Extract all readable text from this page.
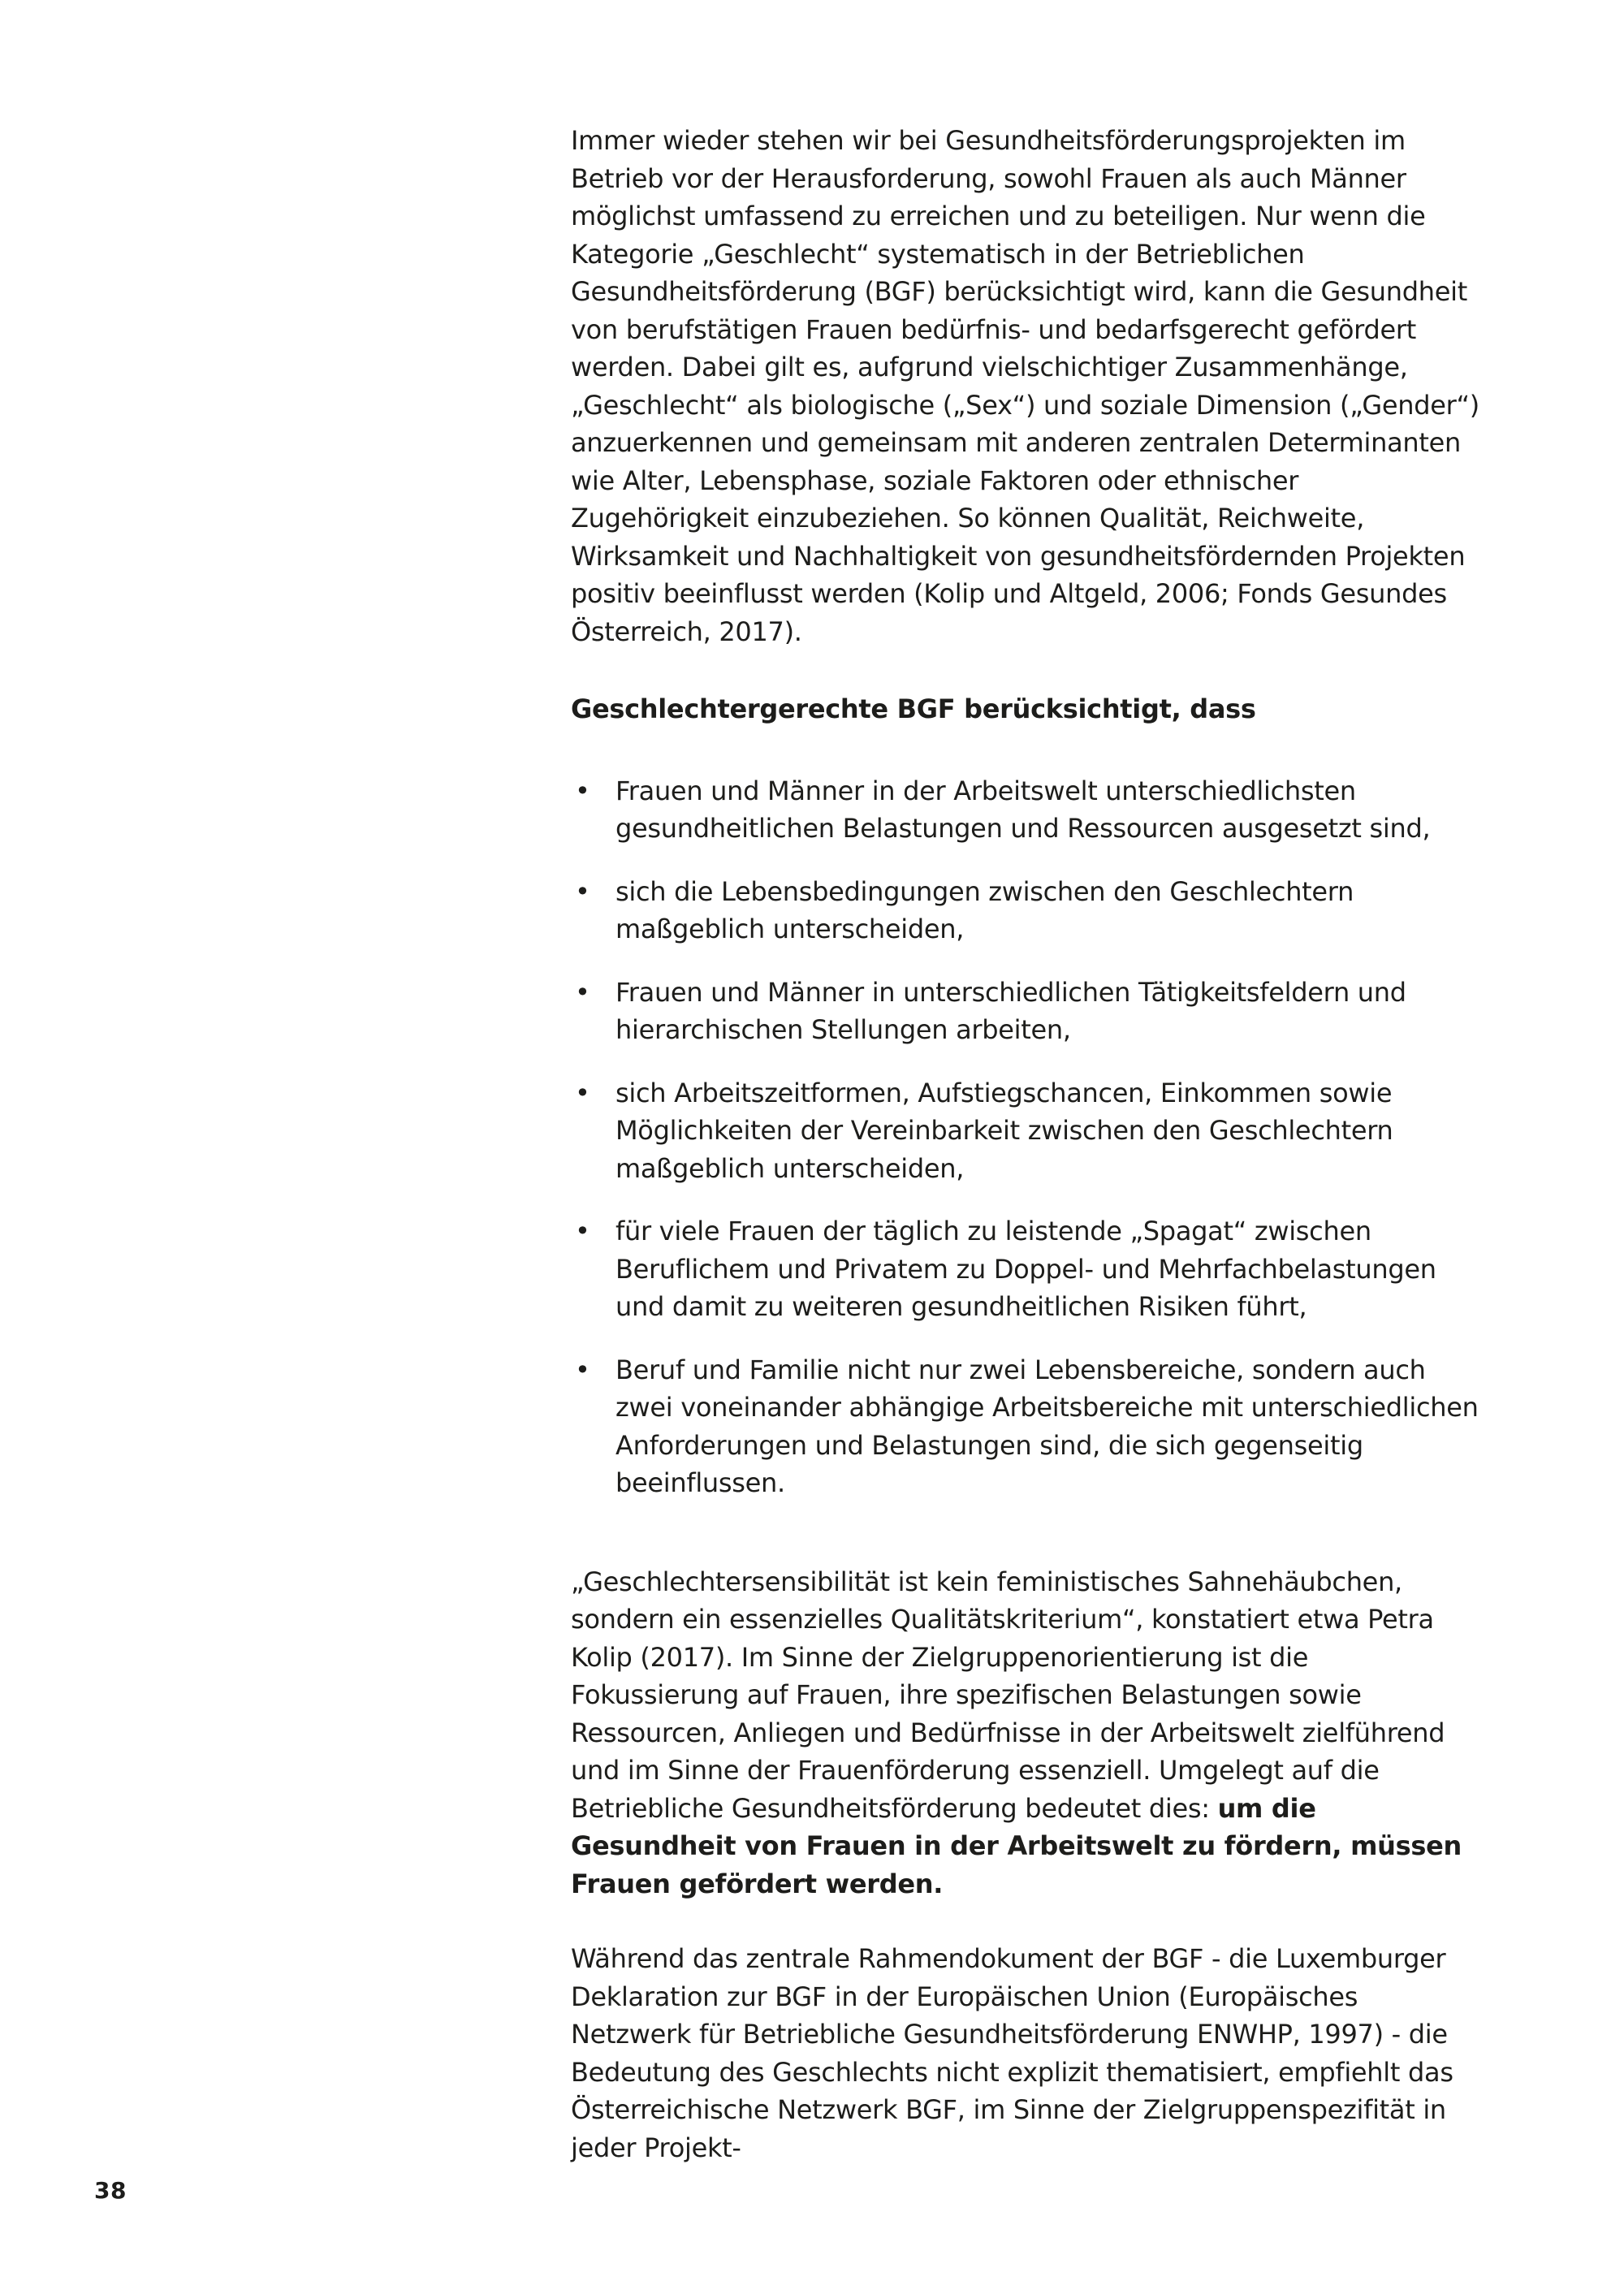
Immer wieder stehen wir bei Gesundheitsförderungsprojekten im Betrieb vor der Herausforderung, sowohl Frauen als auch Männer möglichst umfassend zu erreichen und zu beteiligen. Nur wenn die Kategorie „Geschlecht“ systematisch in der Betrieblichen Gesundheitsförderung (BGF) berücksichtigt wird, kann die Gesundheit von berufstätigen Frauen bedürfnis- und bedarfsgerecht gefördert werden. Dabei gilt es, aufgrund vielschichtiger Zusammenhänge, „Geschlecht“ als biologische („Sex“) und soziale Dimension („Gender“) anzuerkennen und gemeinsam mit anderen zentralen Determinanten wie Alter, Lebensphase, soziale Faktoren oder ethnischer Zugehörigkeit einzubeziehen. So können Qualität, Reichweite, Wirksamkeit und Nachhaltigkeit von gesundheitsfördernden Projekten positiv beeinflusst werden (Kolip und Altgeld, 2006; Fonds Gesundes Österreich, 2017).

Geschlechtergerechte BGF berücksichtigt, dass

• Frauen und Männer in der Arbeitswelt unterschiedlichsten gesundheitlichen Belastungen und Ressourcen ausgesetzt sind,
• sich die Lebensbedingungen zwischen den Geschlechtern maßgeblich unterscheiden,
• Frauen und Männer in unterschiedlichen Tätigkeitsfeldern und hierarchischen Stellungen arbeiten,
• sich Arbeitszeitformen, Aufstiegschancen, Einkommen sowie Möglichkeiten der Vereinbarkeit zwischen den Geschlechtern maßgeblich unterscheiden,
• für viele Frauen der täglich zu leistende „Spagat“ zwischen Beruflichem und Privatem zu Doppel- und Mehrfachbelastungen und damit zu weiteren gesundheitlichen Risiken führt,
• Beruf und Familie nicht nur zwei Lebensbereiche, sondern auch zwei voneinander abhängige Arbeitsbereiche mit unterschiedlichen Anforderungen und Belastungen sind, die sich gegenseitig beeinflussen.

„Geschlechtersensibilität ist kein feministisches Sahnehäubchen, sondern ein essenzielles Qualitätskriterium“, konstatiert etwa Petra Kolip (2017). Im Sinne der Zielgruppenorientierung ist die Fokussierung auf Frauen, ihre spezifischen Belastungen sowie Ressourcen, Anliegen und Bedürfnisse in der Arbeitswelt zielführend und im Sinne der Frauenförderung essenziell. Umgelegt auf die Betriebliche Gesundheitsförderung bedeutet dies: um die Gesundheit von Frauen in der Arbeitswelt zu fördern, müssen Frauen gefördert werden.

Während das zentrale Rahmendokument der BGF - die Luxemburger Deklaration zur BGF in der Europäischen Union (Europäisches Netzwerk für Betriebliche Gesundheitsförderung ENWHP, 1997) - die Bedeutung des Geschlechts nicht explizit thematisiert, empfiehlt das Österreichische Netzwerk BGF, im Sinne der Zielgruppenspezifität in jeder Projekt-

38
